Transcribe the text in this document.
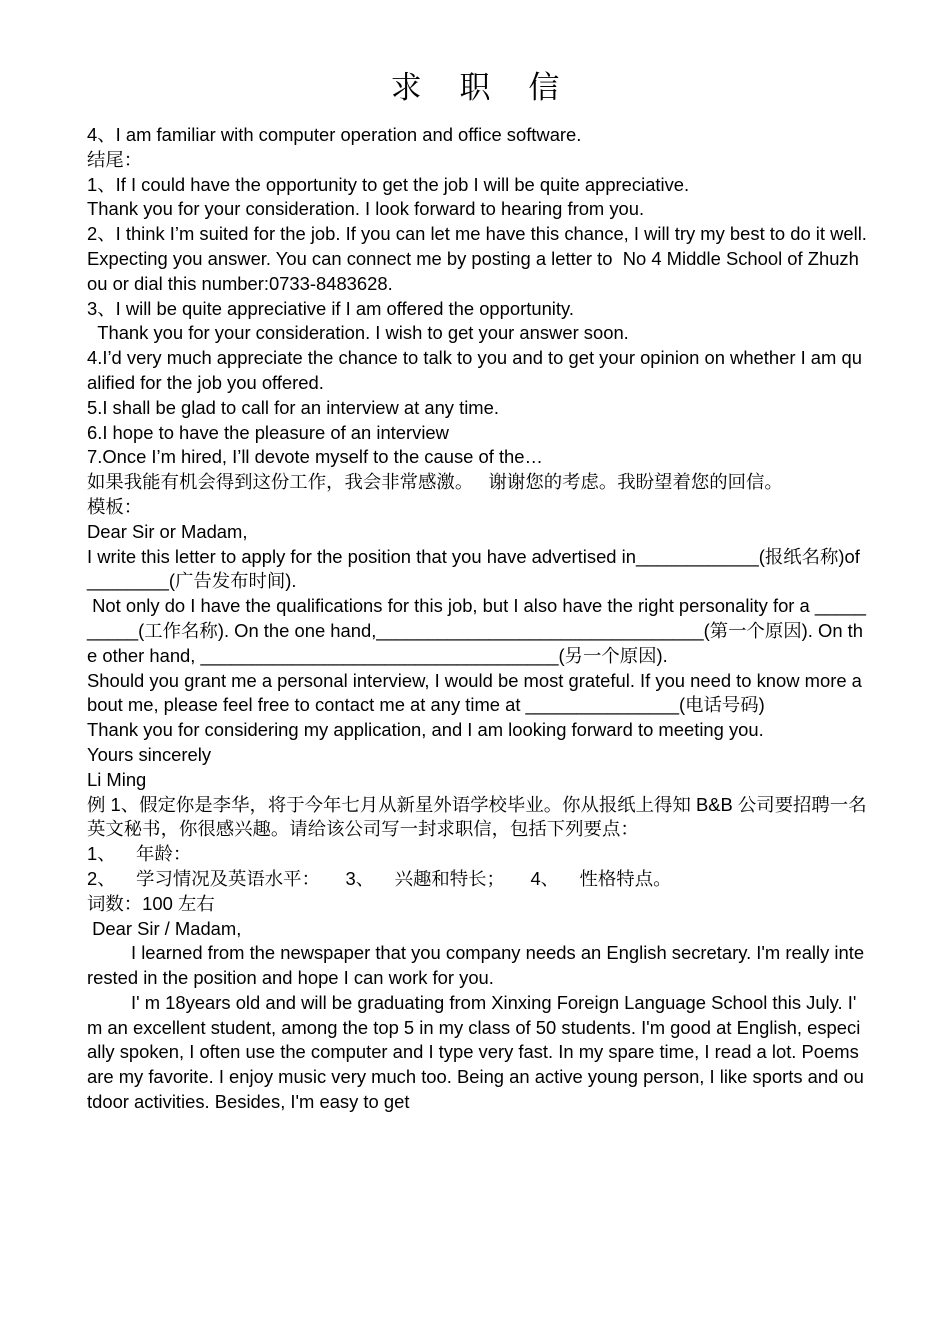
求 职 信

4、I am familiar with computer operation and office software.

结尾：

1、If I could have the opportunity to get the job I will be quite appreciative.

Thank you for your consideration. I look forward to hearing from you.

2、I think I’m suited for the job. If you can let me have this chance, I will try my best to do it well.

Expecting you answer. You can connect me by posting a letter to  No 4 Middle School of Zhuzhou or dial this number:0733-8483628.

3、I will be quite appreciative if I am offered the opportunity.

Thank you for your consideration. I wish to get your answer soon.

4.I’d very much appreciate the chance to talk to you and to get your opinion on whether I am qualified for the job you offered.

5.I shall be glad to call for an interview at any time.

6.I hope to have the pleasure of an interview

7.Once I’m hired, I’ll devote myself to the cause of the…

如果我能有机会得到这份工作，我会非常感激。   谢谢您的考虑。我盼望着您的回信。

模板：

Dear Sir or Madam,

I write this letter to apply for the position that you have advertised in____________(报纸名称)of________(广告发布时间).

Not only do I have the qualifications for this job, but I also have the right personality for a __________(工作名称). On the one hand,________________________________(第一个原因). On the other hand, ___________________________________(另一个原因).

Should you grant me a personal interview, I would be most grateful. If you need to know more about me, please feel free to contact me at any time at _______________(电话号码)

Thank you for considering my application, and I am looking forward to meeting you.

Yours sincerely

Li Ming

例 1、假定你是李华，将于今年七月从新星外语学校毕业。你从报纸上得知 B&B 公司要招聘一名英文秘书，你很感兴趣。请给该公司写一封求职信，包括下列要点：

1、    年龄：

2、    学习情况及英语水平：     3、    兴趣和特长；     4、    性格特点。

词数：100 左右

Dear Sir / Madam,

I learned from the newspaper that you company needs an English secretary. I'm really interested in the position and hope I can work for you.

I' m 18years old and will be graduating from Xinxing Foreign Language School this July. I' m an excellent student, among the top 5 in my class of 50 students. I'm good at English, especially spoken, I often use the computer and I type very fast. In my spare time, I read a lot. Poems are my favorite. I enjoy music very much too. Being an active young person, I like sports and outdoor activities. Besides, I'm easy to get
